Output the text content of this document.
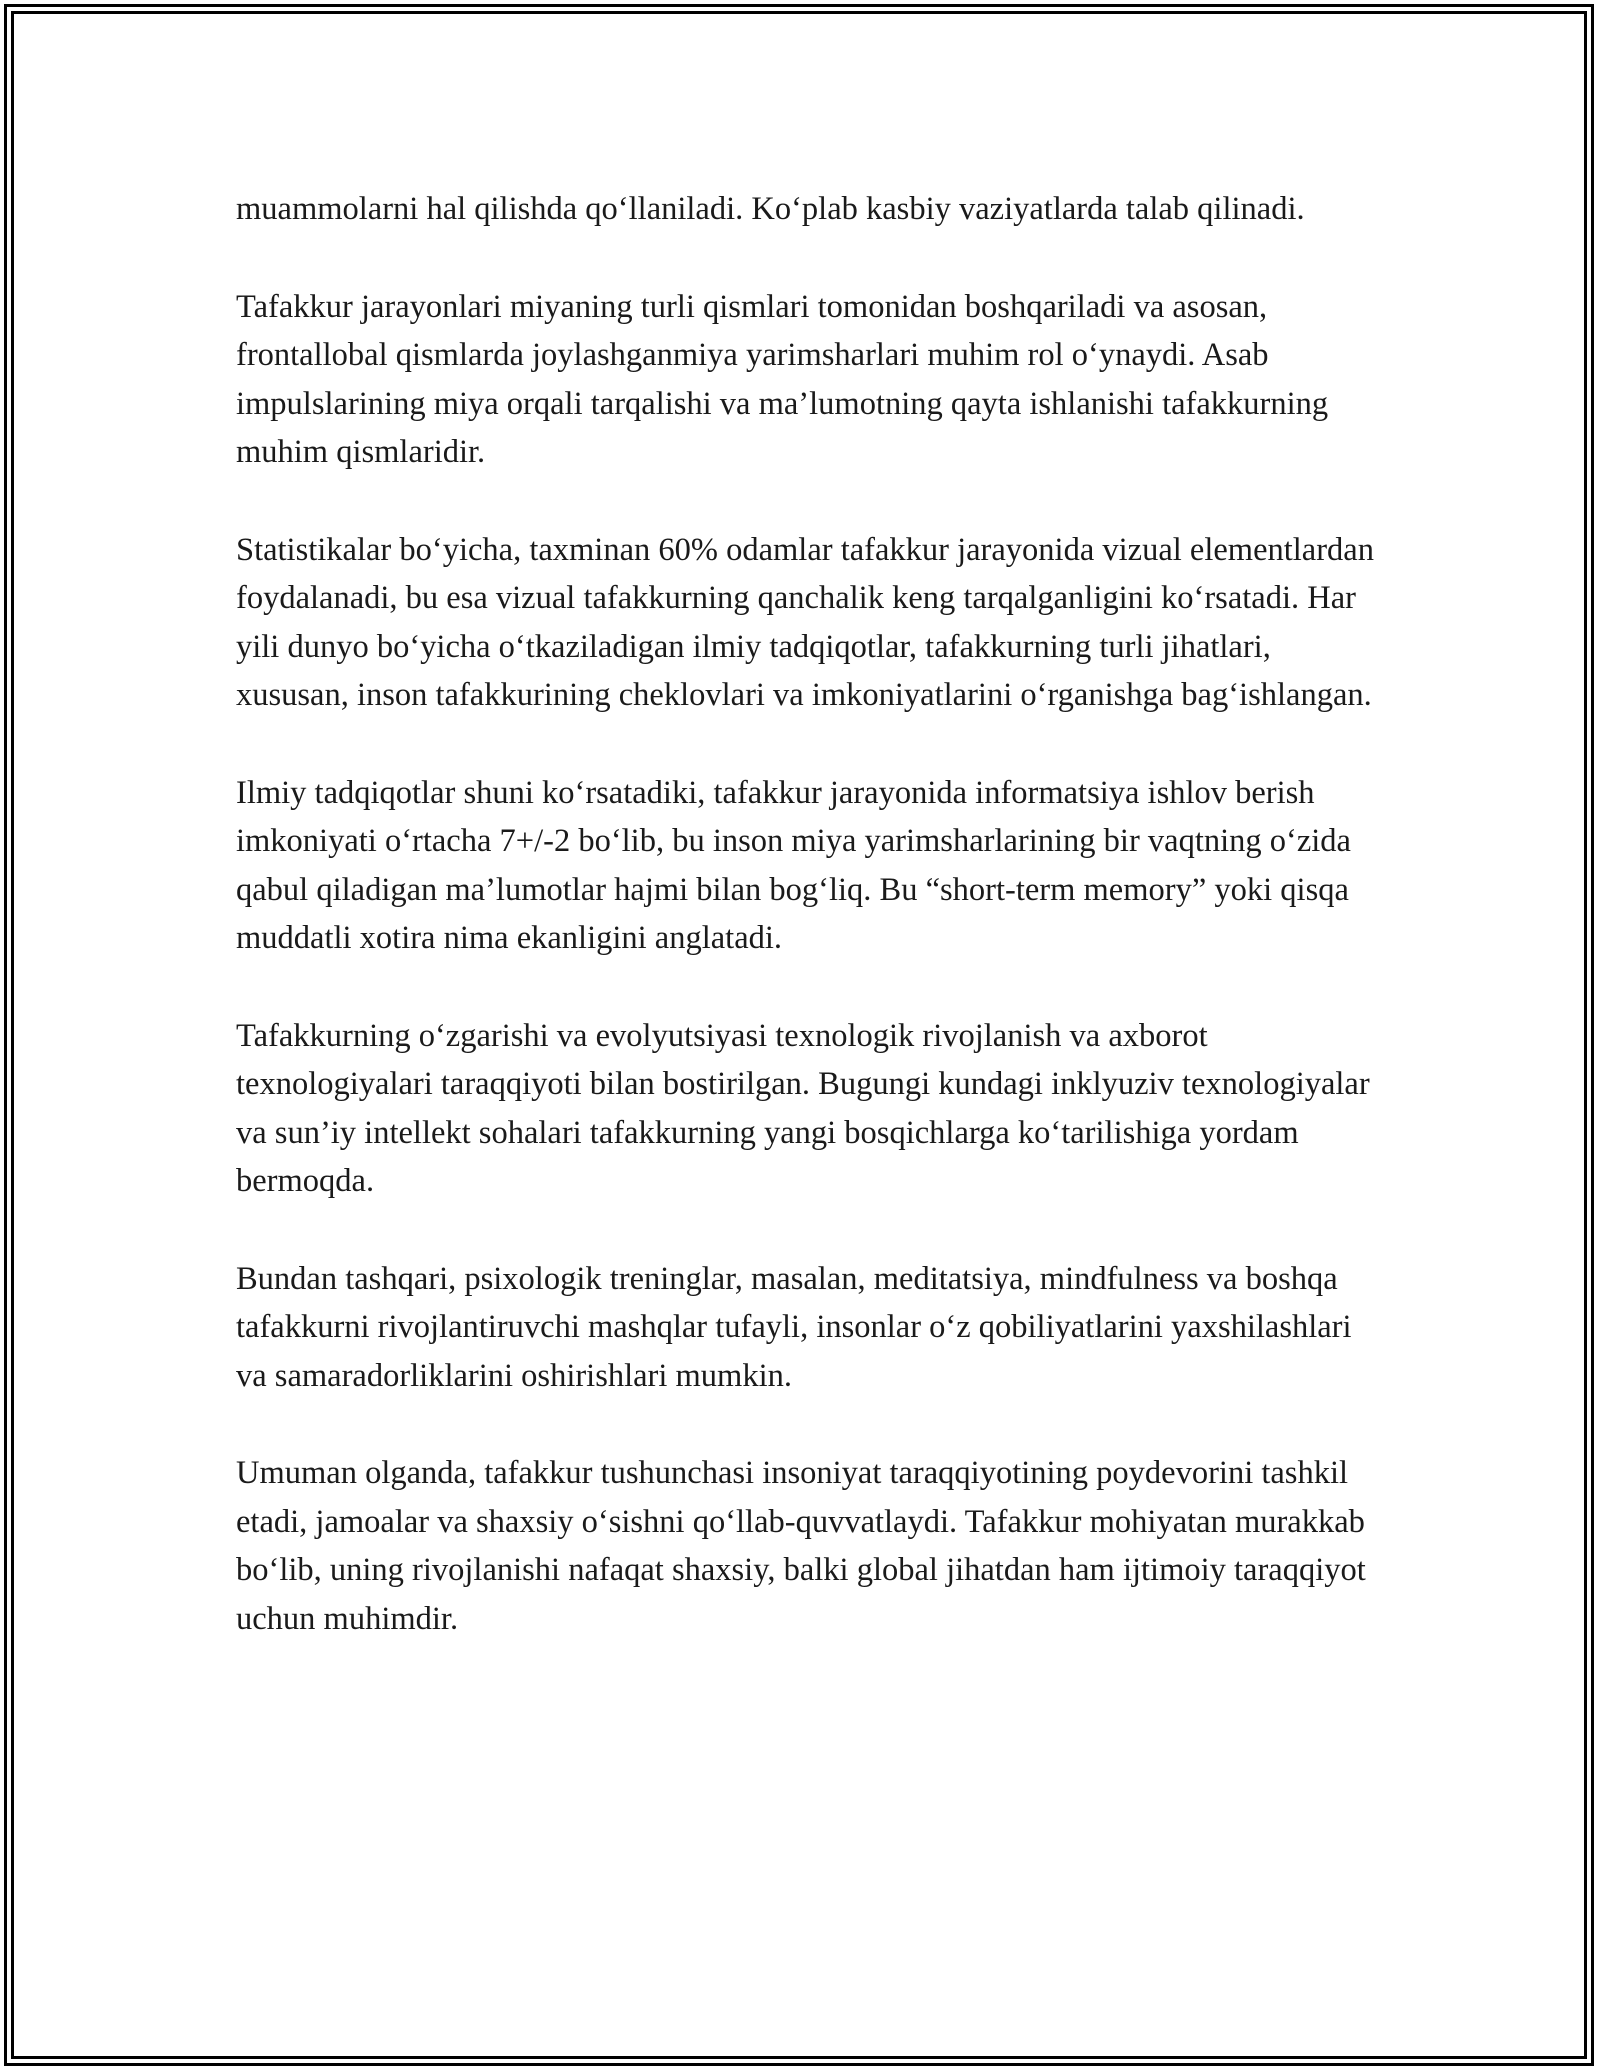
muammolarni hal qilishda qo‘llaniladi. Ko‘plab kasbiy vaziyatlarda talab qilinadi.

Tafakkur jarayonlari miyaning turli qismlari tomonidan boshqariladi va asosan, frontallobal qismlarda joylashganmiya yarimsharlari muhim rol o‘ynaydi. Asab impulslarining miya orqali tarqalishi va ma’lumotning qayta ishlanishi tafakkurning muhim qismlaridir.

Statistikalar bo‘yicha, taxminan 60% odamlar tafakkur jarayonida vizual elementlardan foydalanadi, bu esa vizual tafakkurning qanchalik keng tarqalganligini ko‘rsatadi. Har yili dunyo bo‘yicha o‘tkaziladigan ilmiy tadqiqotlar, tafakkurning turli jihatlari, xususan, inson tafakkurining cheklovlari va imkoniyatlarini o‘rganishga bag‘ishlangan.

Ilmiy tadqiqotlar shuni ko‘rsatadiki, tafakkur jarayonida informatsiya ishlov berish imkoniyati o‘rtacha 7+/-2 bo‘lib, bu inson miya yarimsharlarining bir vaqtning o‘zida qabul qiladigan ma’lumotlar hajmi bilan bog‘liq. Bu “short-term memory” yoki qisqa muddatli xotira nima ekanligini anglatadi.

Tafakkurning o‘zgarishi va evolyutsiyasi texnologik rivojlanish va axborot texnologiyalari taraqqiyoti bilan bostirilgan. Bugungi kundagi inklyuziv texnologiyalar va sun’iy intellekt sohalari tafakkurning yangi bosqichlarga ko‘tarilishiga yordam bermoqda.

Bundan tashqari, psixologik treninglar, masalan, meditatsiya, mindfulness va boshqa tafakkurni rivojlantiruvchi mashqlar tufayli, insonlar o‘z qobiliyatlarini yaxshilashlari va samaradorliklarini oshirishlari mumkin.

Umuman olganda, tafakkur tushunchasi insoniyat taraqqiyotining poydevorini tashkil etadi, jamoalar va shaxsiy o‘sishni qo‘llab-quvvatlaydi. Tafakkur mohiyatan murakkab bo‘lib, uning rivojlanishi nafaqat shaxsiy, balki global jihatdan ham ijtimoiy taraqqiyot uchun muhimdir.
